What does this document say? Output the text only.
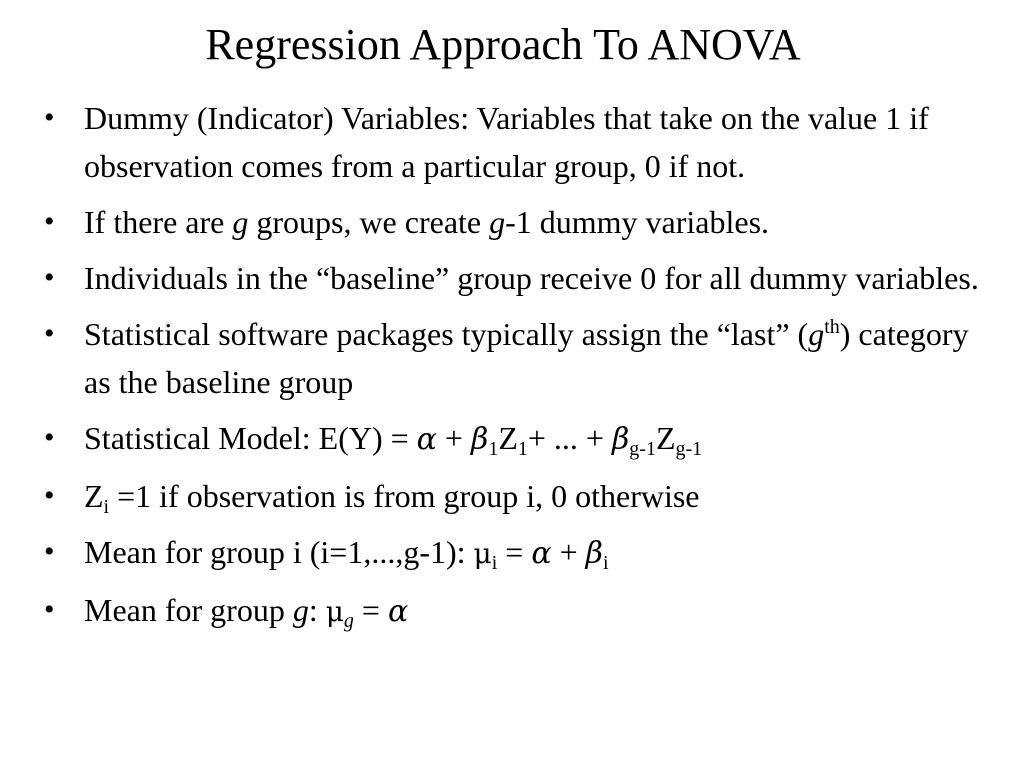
Regression Approach To ANOVA
• Dummy (Indicator) Variables: Variables that take on the value 1 if observation comes from a particular group, 0 if not.
• If there are g groups, we create g-1 dummy variables.
• Individuals in the “baseline” group receive 0 for all dummy variables.
• Statistical software packages typically assign the “last” $(g^{th})$ category as the baseline group
• Statistical Model: $E(Y) = \alpha + \beta_1Z_1+$ ... + $\beta_{g-1}Z_{g-1}$
• $Z_i =1$ if observation is from group i, 0 otherwise
• Mean for group i (i=1,...,g-1): $\mu_i = \alpha + \beta_i$
• Mean for group g: $\mu_g = \alpha$
